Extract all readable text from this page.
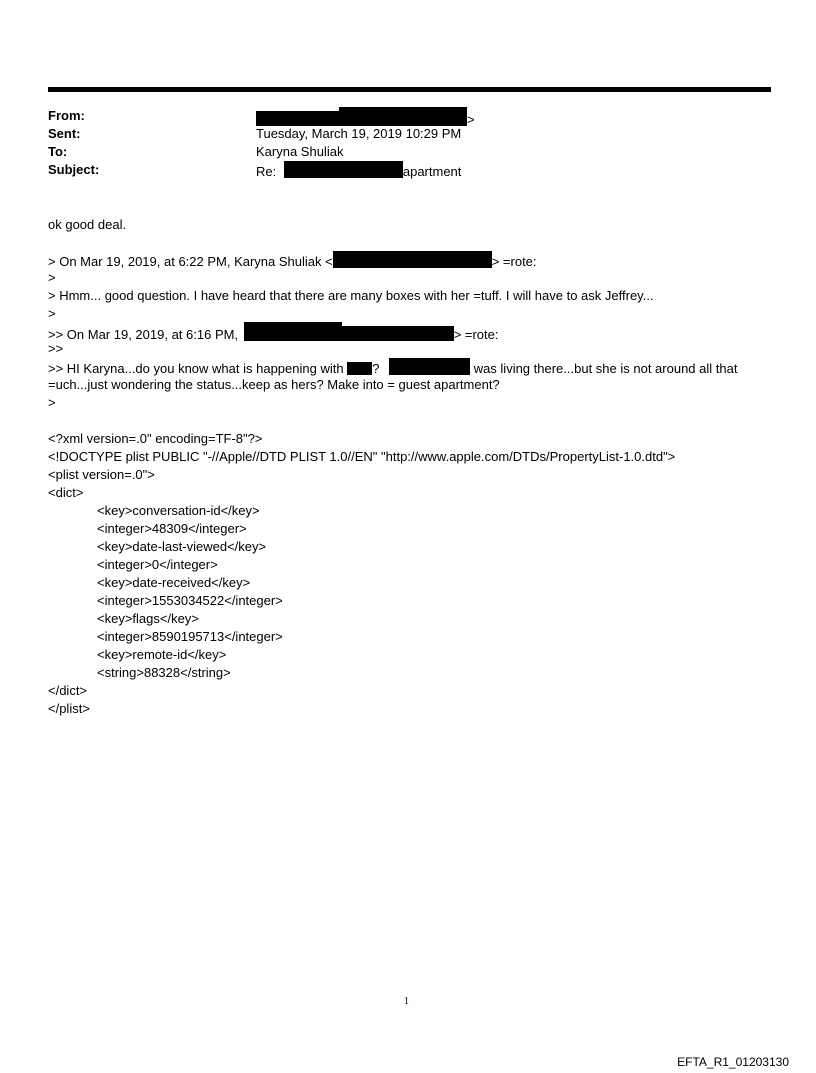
From:	>
Sent:	Tuesday, March 19, 2019 10:29 PM
To:	Karyna Shuliak
Subject:	Re:	apartment
ok good deal.
> On Mar 19, 2019, at 6:22 PM, Karyna Shuliak <	> =rote:
>
> Hmm... good question. I have heard that there are many boxes with her =tuff. I will have to ask Jeffrey...
>
>> On Mar 19, 2019, at 6:16 PM,	> =rote:
>>
>> HI Karyna...do you know what is happening with ?	was living there...but she is not around all that
=uch...just wondering the status...keep as hers? Make into = guest apartment?
>
<?xml version=.0" encoding=TF-8"?>
<!DOCTYPE plist PUBLIC "-//Apple//DTD PLIST 1.0//EN" "http://www.apple.com/DTDs/PropertyList-1.0.dtd">
<plist version=.0">
<dict>
<key>conversation-id</key>
<integer>48309</integer>
<key>date-last-viewed</key>
<integer>0</integer>
<key>date-received</key>
<integer>1553034522</integer>
<key>flags</key>
<integer>8590195713</integer>
<key>remote-id</key>
<string>88328</string>
</dict>
</plist>
1
EFTA_R1_01203130
